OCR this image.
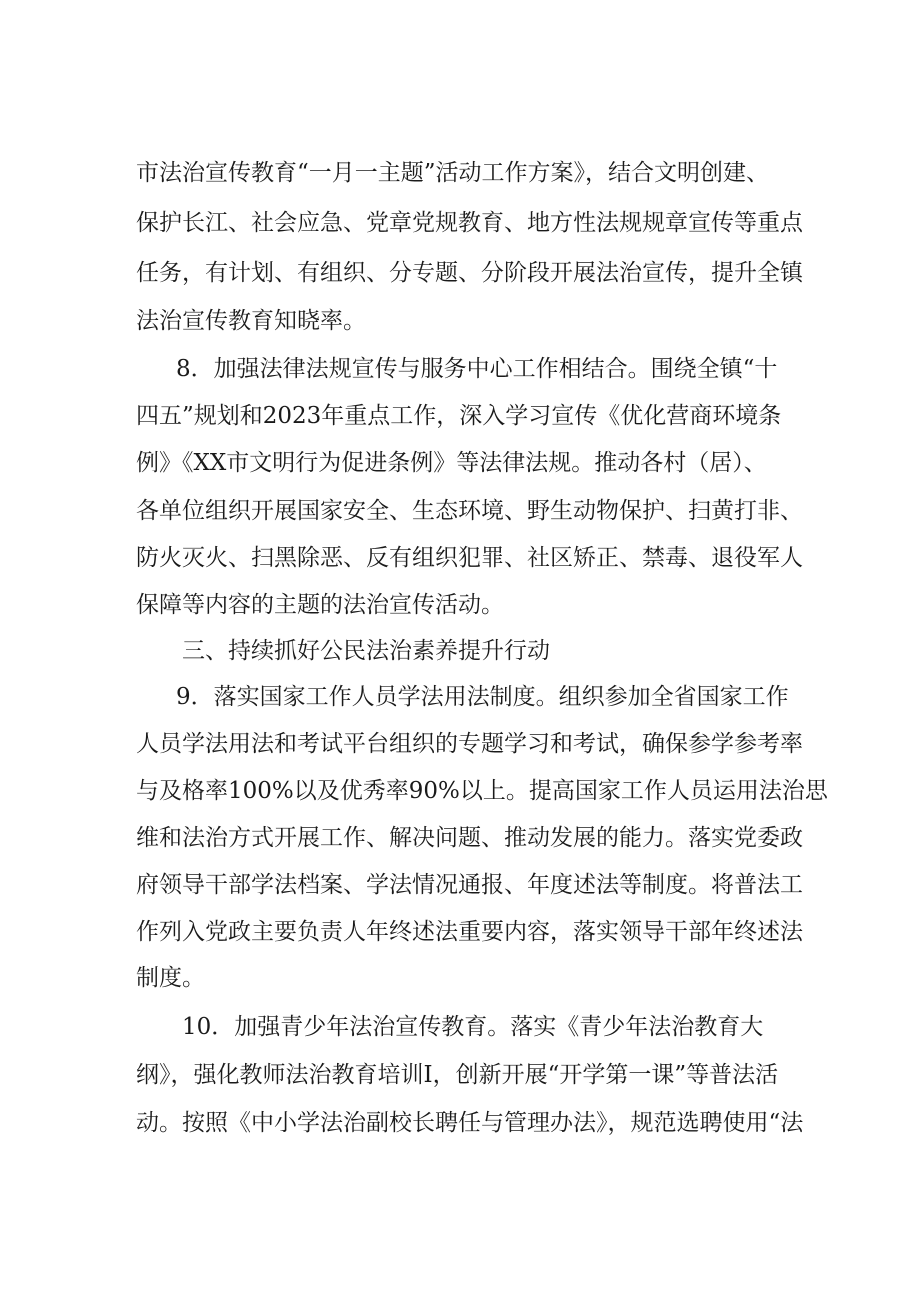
市法治宣传教育“一月一主题”活动工作方案》，结合文明创建、

保护长江、社会应急、党章党规教育、地方性法规规章宣传等重点

任务，有计划、有组织、分专题、分阶段开展法治宣传，提升全镇

法治宣传教育知晓率。

8．加强法律法规宣传与服务中心工作相结合。围绕全镇“十

四五”规划和2023年重点工作，深入学习宣传《优化营商环境条

例》《XX市文明行为促进条例》等法律法规。推动各村（居）、

各单位组织开展国家安全、生态环境、野生动物保护、扫黄打非、

防火灭火、扫黑除恶、反有组织犯罪、社区矫正、禁毒、退役军人

保障等内容的主题的法治宣传活动。

三、持续抓好公民法治素养提升行动

9．落实国家工作人员学法用法制度。组织参加全省国家工作

人员学法用法和考试平台组织的专题学习和考试，确保参学参考率

与及格率100%以及优秀率90%以上。提高国家工作人员运用法治思

维和法治方式开展工作、解决问题、推动发展的能力。落实党委政

府领导干部学法档案、学法情况通报、年度述法等制度。将普法工

作列入党政主要负责人年终述法重要内容，落实领导干部年终述法

制度。

10．加强青少年法治宣传教育。落实《青少年法治教育大

纲》，强化教师法治教育培训I，创新开展“开学第一课”等普法活

动。按照《中小学法治副校长聘任与管理办法》，规范选聘使用“法
